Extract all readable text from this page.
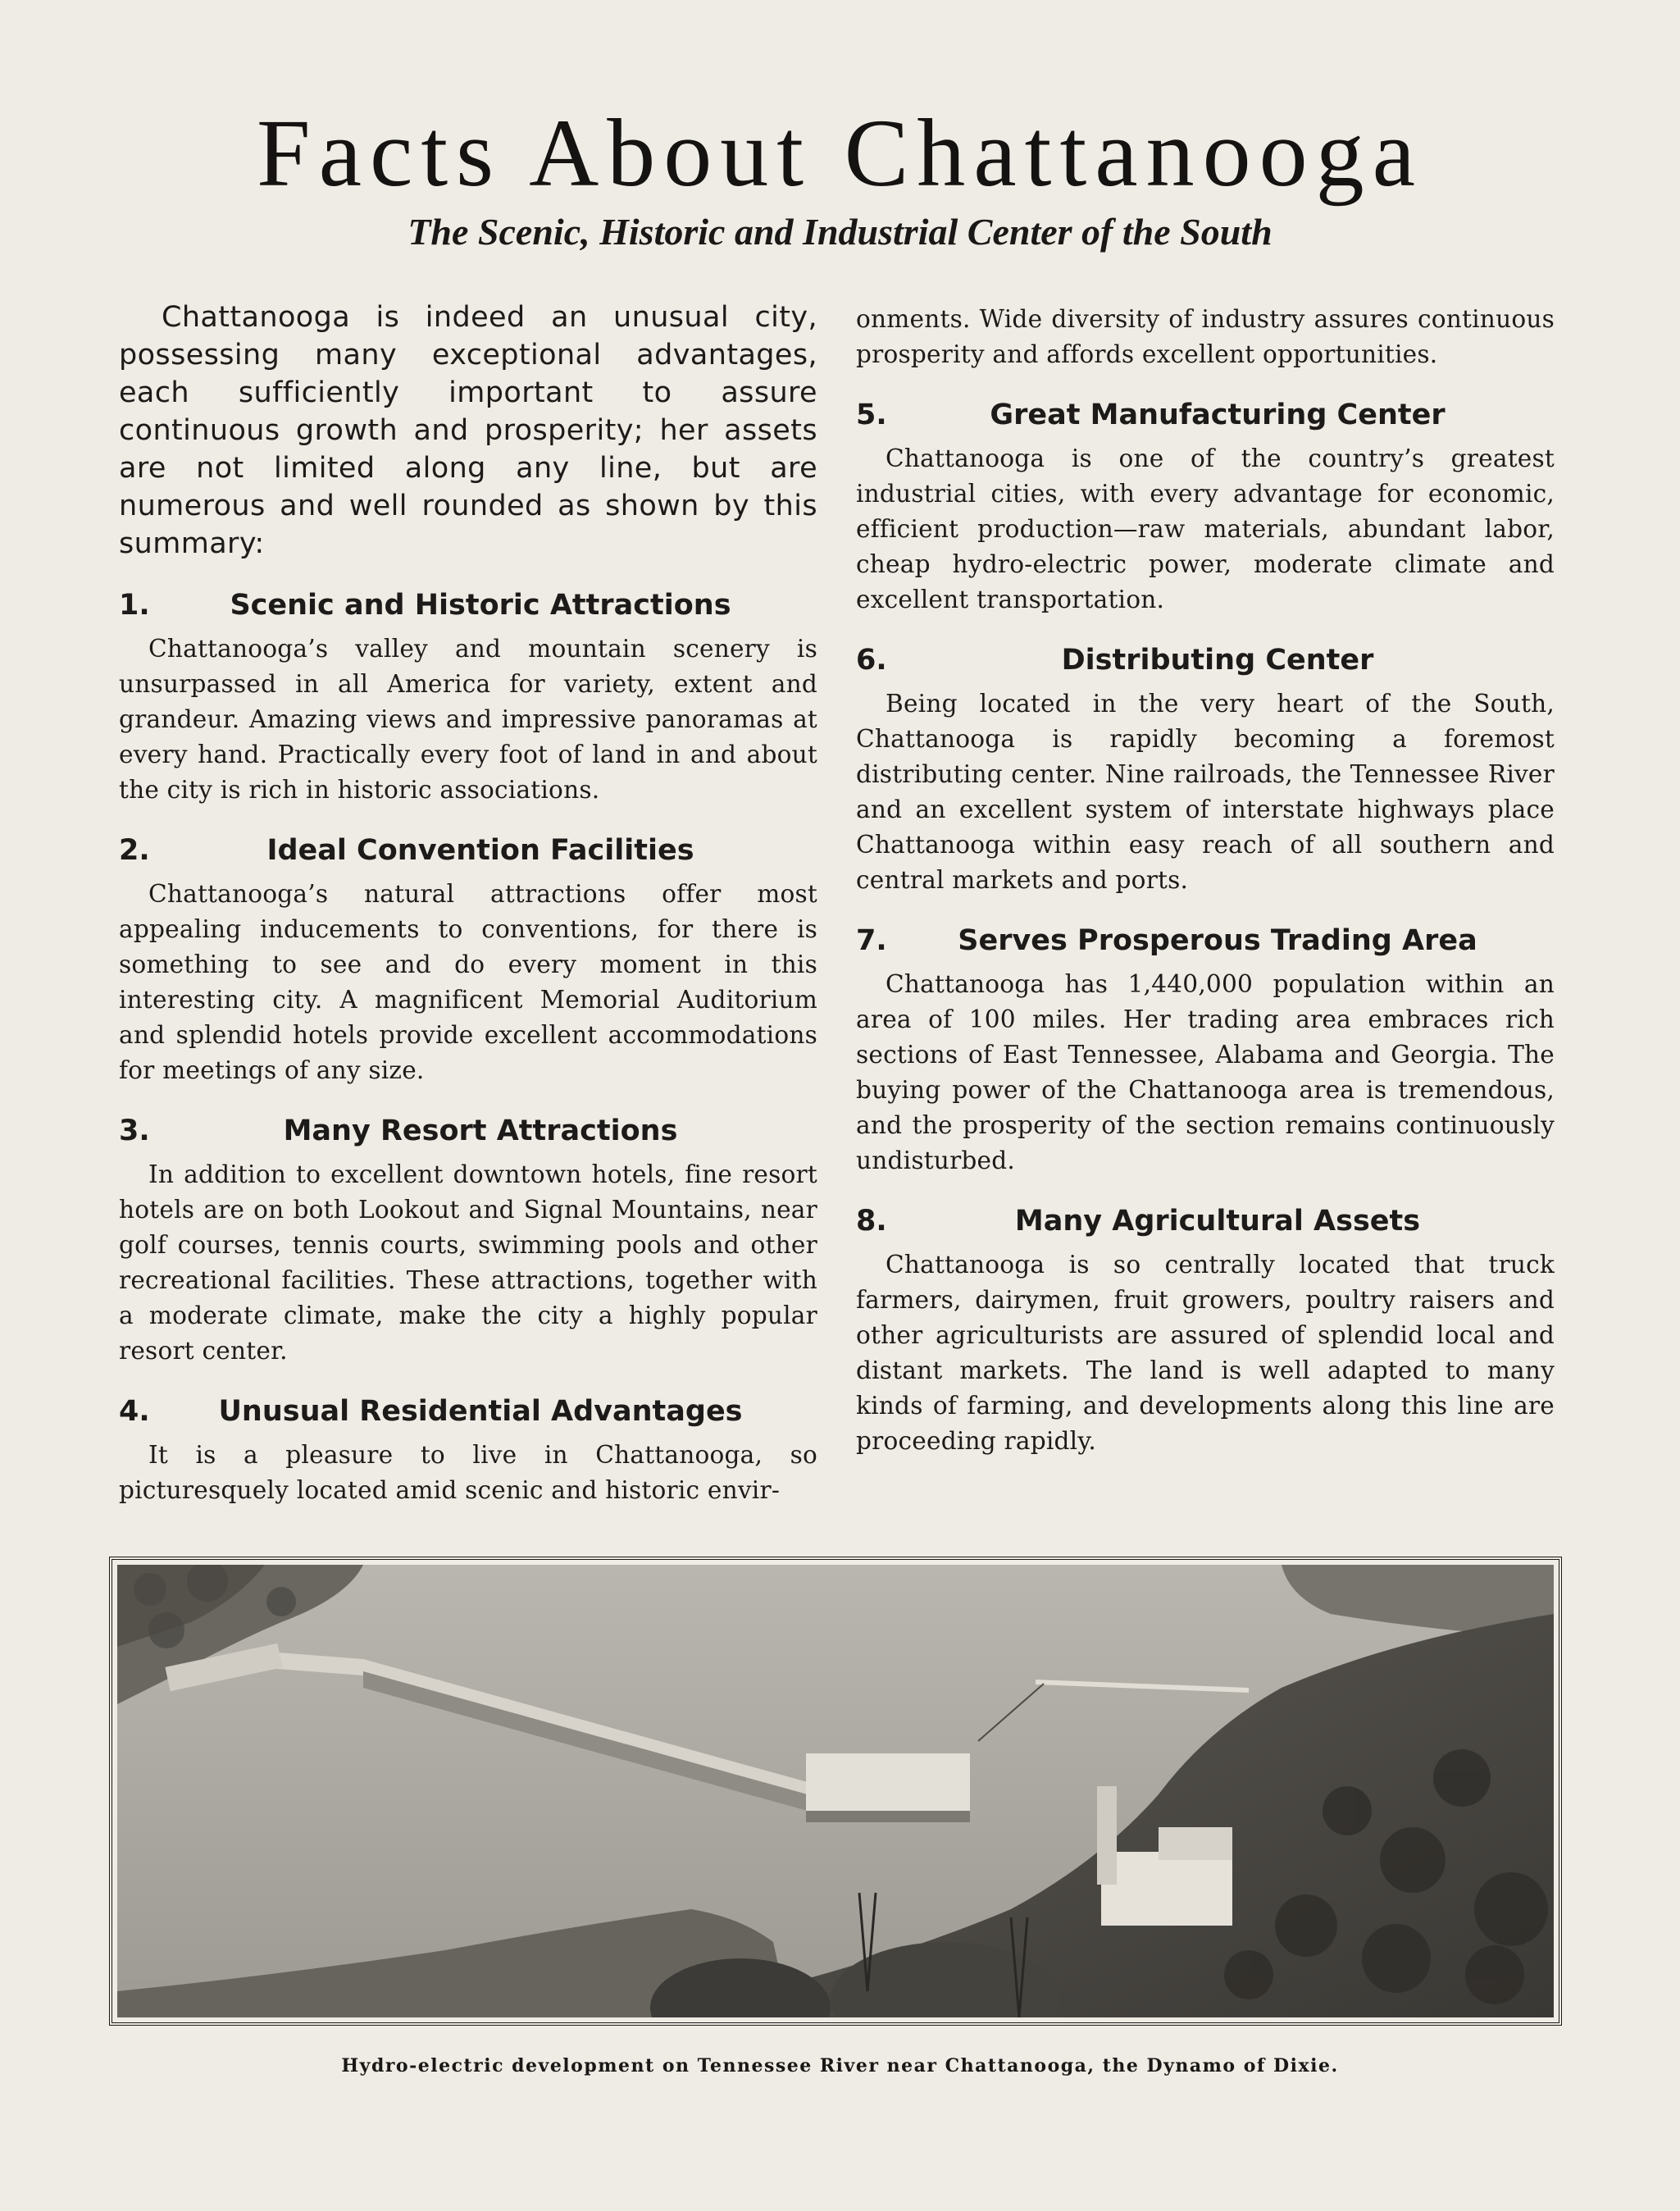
Facts About Chattanooga
The Scenic, Historic and Industrial Center of the South

Chattanooga is indeed an unusual city, possessing many exceptional advantages, each sufficiently important to assure continuous growth and prosperity; her assets are not limited along any line, but are numerous and well rounded as shown by this summary:

1.	Scenic and Historic Attractions

Chattanooga’s valley and mountain scenery is unsurpassed in all America for variety, extent and grandeur. Amazing views and impressive panoramas at every hand. Practically every foot of land in and about the city is rich in historic associations.

2.	Ideal Convention Facilities

Chattanooga’s natural attractions offer most appealing inducements to conventions, for there is something to see and do every moment in this interesting city. A magnificent Memorial Auditorium and splendid hotels provide excellent accommodations for meetings of any size.

3.	Many Resort Attractions

In addition to excellent downtown hotels, fine resort hotels are on both Lookout and Signal Mountains, near golf courses, tennis courts, swimming pools and other recreational facilities. These attractions, together with a moderate climate, make the city a highly popular resort center.

4.	Unusual Residential Advantages

It is a pleasure to live in Chattanooga, so picturesquely located amid scenic and historic envir-

onments. Wide diversity of industry assures continuous prosperity and affords excellent opportunities.

5.	Great Manufacturing Center

Chattanooga is one of the country’s greatest industrial cities, with every advantage for economic, efficient production—raw materials, abundant labor, cheap hydro-electric power, moderate climate and excellent transportation.

6.	Distributing Center

Being located in the very heart of the South, Chattanooga is rapidly becoming a foremost distributing center. Nine railroads, the Tennessee River and an excellent system of interstate highways place Chattanooga within easy reach of all southern and central markets and ports.

7.	Serves Prosperous Trading Area

Chattanooga has 1,440,000 population within an area of 100 miles. Her trading area embraces rich sections of East Tennessee, Alabama and Georgia. The buying power of the Chattanooga area is tremendous, and the prosperity of the section remains continuously undisturbed.

8.	Many Agricultural Assets

Chattanooga is so centrally located that truck farmers, dairymen, fruit growers, poultry raisers and other agriculturists are assured of splendid local and distant markets. The land is well adapted to many kinds of farming, and developments along this line are proceeding rapidly.

Hydro-electric development on Tennessee River near Chattanooga, the Dynamo of Dixie.
